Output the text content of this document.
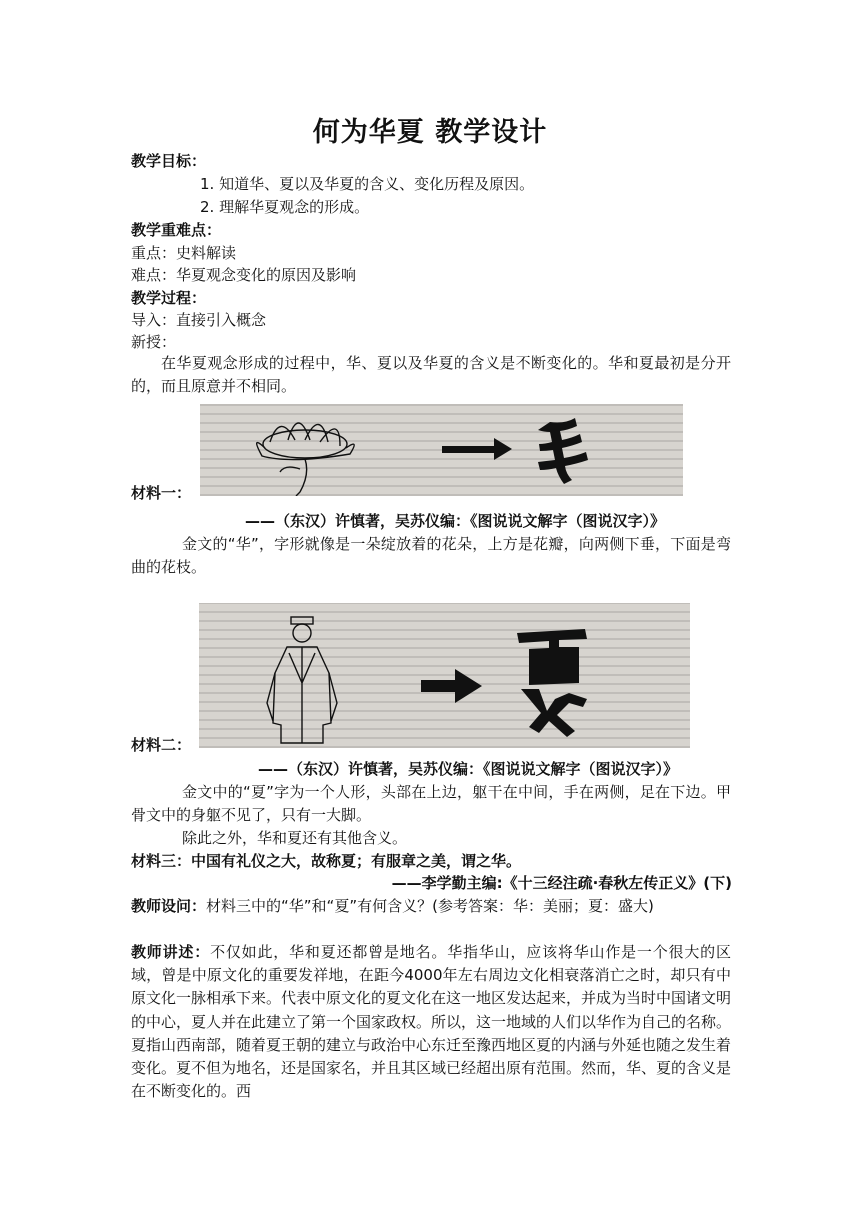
何为华夏 教学设计
教学目标：
1. 知道华、夏以及华夏的含义、变化历程及原因。
2. 理解华夏观念的形成。
教学重难点：
重点：史料解读
难点：华夏观念变化的原因及影响
教学过程：
导入：直接引入概念
新授：
在华夏观念形成的过程中，华、夏以及华夏的含义是不断变化的。华和夏最初是分开的，而且原意并不相同。
材料一：
——（东汉）许慎著，吴苏仪编：《图说说文解字（图说汉字）》
金文的“华”，字形就像是一朵绽放着的花朵，上方是花瓣，向两侧下垂，下面是弯曲的花枝。
材料二：
——（东汉）许慎著，吴苏仪编：《图说说文解字（图说汉字）》
金文中的“夏”字为一个人形，头部在上边，躯干在中间，手在两侧，足在下边。甲骨文中的身躯不见了，只有一大脚。
除此之外，华和夏还有其他含义。
材料三：中国有礼仪之大，故称夏；有服章之美，谓之华。
——李学勤主编:《十三经注疏·春秋左传正义》(下)
教师设问：材料三中的“华”和“夏”有何含义？(参考答案：华：美丽；夏：盛大)
教师讲述：不仅如此，华和夏还都曾是地名。华指华山，应该将华山作是一个很大的区域，曾是中原文化的重要发祥地，在距今4000年左右周边文化相衰落消亡之时，却只有中原文化一脉相承下来。代表中原文化的夏文化在这一地区发达起来，并成为当时中国诸文明的中心，夏人并在此建立了第一个国家政权。所以，这一地域的人们以华作为自己的名称。夏指山西南部，随着夏王朝的建立与政治中心东迁至豫西地区夏的内涵与外延也随之发生着变化。夏不但为地名，还是国家名，并且其区域已经超出原有范围。然而，华、夏的含义是在不断变化的。西
